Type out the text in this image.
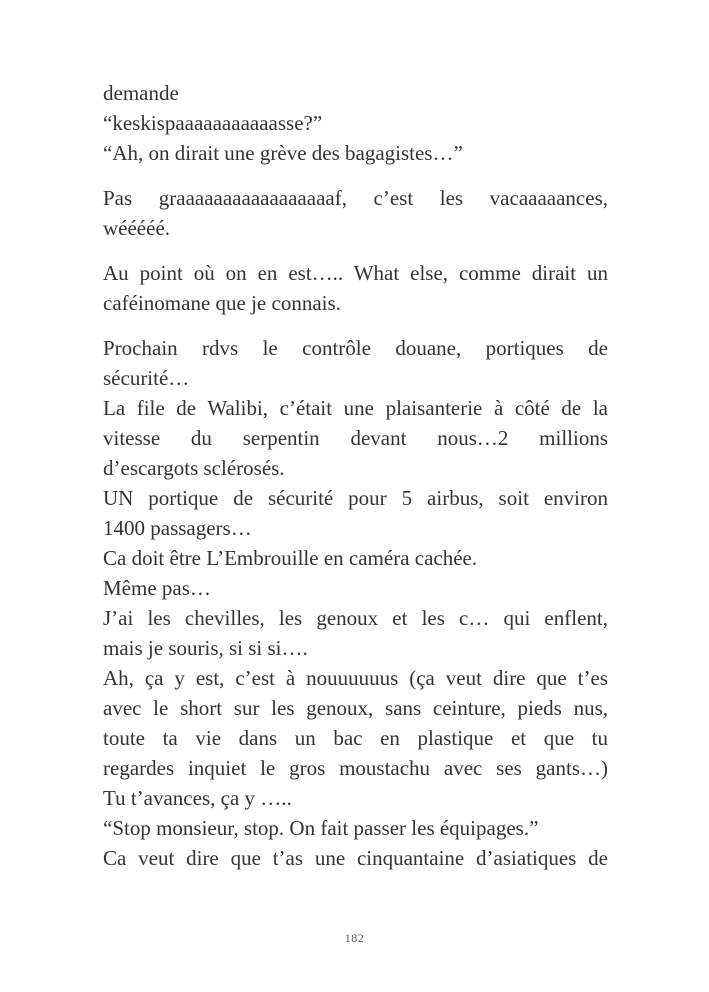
demande
“keskispaaaaaaaaaaasse?”
“Ah, on dirait une grève des bagagistes…”
Pas graaaaaaaaaaaaaaaaaf, c’est les vacaaaaances,
wééééé.
Au point où on en est….. What else, comme dirait un
caféinomane que je connais.
Prochain rdvs le contrôle douane, portiques de
sécurité…
La file de Walibi, c’était une plaisanterie à côté de la
vitesse du serpentin devant nous…2 millions
d’escargots sclérosés.
UN portique de sécurité pour 5 airbus, soit environ
1400 passagers…
Ca doit être L’Embrouille en caméra cachée.
Même pas…
J’ai les chevilles, les genoux et les c… qui enflent,
mais je souris, si si si….
Ah, ça y est, c’est à nouuuuuus (ça veut dire que t’es
avec le short sur les genoux, sans ceinture, pieds nus,
toute ta vie dans un bac en plastique et que tu
regardes inquiet le gros moustachu avec ses gants…)
Tu t’avances, ça y …..
“Stop monsieur, stop. On fait passer les équipages.”
Ca veut dire que t’as une cinquantaine d’asiatiques de
182
